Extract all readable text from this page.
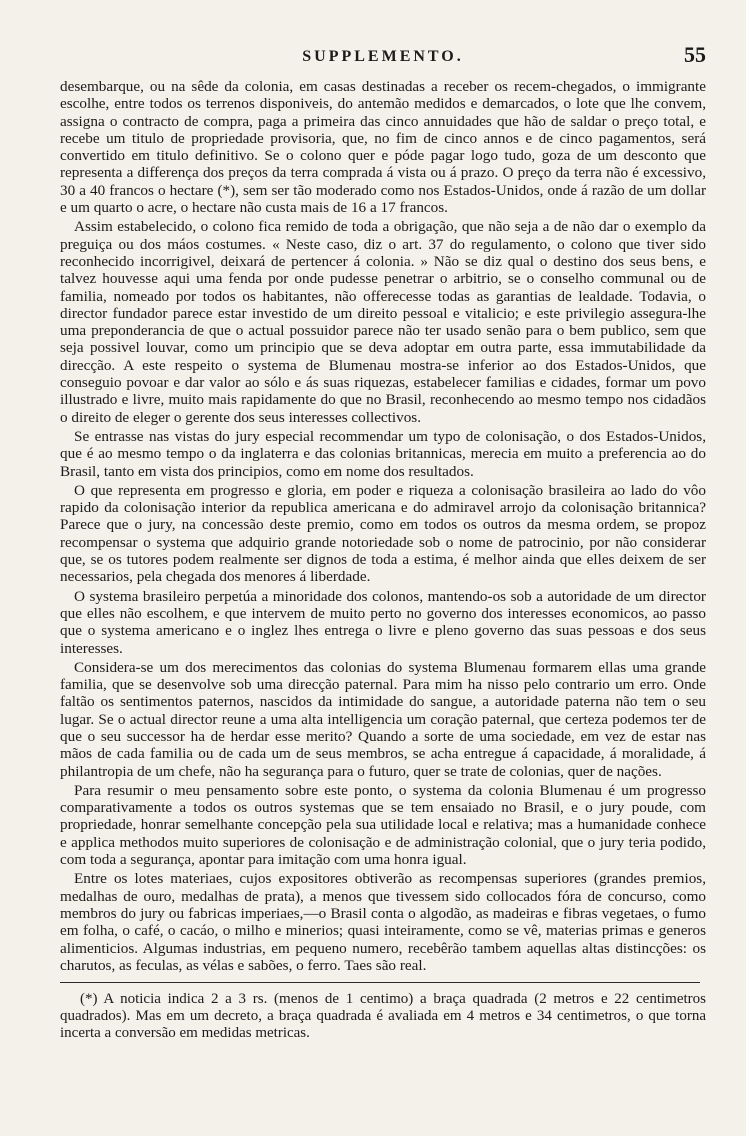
SUPPLEMENTO.	55

desembarque, ou na sêde da colonia, em casas destinadas a receber os recem-chegados, o immigrante escolhe, entre todos os terrenos disponiveis, do antemão medidos e demarcados, o lote que lhe convem, assigna o contracto de compra, paga a primeira das cinco annuidades que hão de saldar o preço total, e recebe um titulo de propriedade provisoria, que, no fim de cinco annos e de cinco pagamentos, será convertido em titulo definitivo. Se o colono quer e póde pagar logo tudo, goza de um desconto que representa a differença dos preços da terra comprada á vista ou á prazo. O preço da terra não é excessivo, 30 a 40 francos o hectare (*), sem ser tão moderado como nos Estados-Unidos, onde á razão de um dollar e um quarto o acre, o hectare não custa mais de 16 a 17 francos.

Assim estabelecido, o colono fica remido de toda a obrigação, que não seja a de não dar o exemplo da preguiça ou dos máos costumes. « Neste caso, diz o art. 37 do regulamento, o colono que tiver sido reconhecido incorrigivel, deixará de pertencer á colonia. » Não se diz qual o destino dos seus bens, e talvez houvesse aqui uma fenda por onde pudesse penetrar o arbitrio, se o conselho communal ou de familia, nomeado por todos os habitantes, não offerecesse todas as garantias de lealdade. Todavia, o director fundador parece estar investido de um direito pessoal e vitalicio; e este privilegio assegura-lhe uma preponderancia de que o actual possuidor parece não ter usado senão para o bem publico, sem que seja possivel louvar, como um principio que se deva adoptar em outra parte, essa immutabilidade da direcção. A este respeito o systema de Blumenau mostra-se inferior ao dos Estados-Unidos, que conseguio povoar e dar valor ao sólo e ás suas riquezas, estabelecer familias e cidades, formar um povo illustrado e livre, muito mais rapidamente do que no Brasil, reconhecendo ao mesmo tempo nos cidadãos o direito de eleger o gerente dos seus interesses collectivos.

Se entrasse nas vistas do jury especial recommendar um typo de colonisação, o dos Estados-Unidos, que é ao mesmo tempo o da inglaterra e das colonias britannicas, merecia em muito a preferencia ao do Brasil, tanto em vista dos principios, como em nome dos resultados.

O que representa em progresso e gloria, em poder e riqueza a colonisação brasileira ao lado do vôo rapido da colonisação interior da republica americana e do admiravel arrojo da colonisação britannica? Parece que o jury, na concessão deste premio, como em todos os outros da mesma ordem, se propoz recompensar o systema que adquirio grande notoriedade sob o nome de patrocinio, por não considerar que, se os tutores podem realmente ser dignos de toda a estima, é melhor ainda que elles deixem de ser necessarios, pela chegada dos menores á liberdade.

O systema brasileiro perpetúa a minoridade dos colonos, mantendo-os sob a autoridade de um director que elles não escolhem, e que intervem de muito perto no governo dos interesses economicos, ao passo que o systema americano e o inglez lhes entrega o livre e pleno governo das suas pessoas e dos seus interesses.

Considera-se um dos merecimentos das colonias do systema Blumenau formarem ellas uma grande familia, que se desenvolve sob uma direcção paternal. Para mim ha nisso pelo contrario um erro. Onde faltão os sentimentos paternos, nascidos da intimidade do sangue, a autoridade paterna não tem o seu lugar. Se o actual director reune a uma alta intelligencia um coração paternal, que certeza podemos ter de que o seu successor ha de herdar esse merito? Quando a sorte de uma sociedade, em vez de estar nas mãos de cada familia ou de cada um de seus membros, se acha entregue á capacidade, á moralidade, á philantropia de um chefe, não ha segurança para o futuro, quer se trate de colonias, quer de nações.

Para resumir o meu pensamento sobre este ponto, o systema da colonia Blumenau é um progresso comparativamente a todos os outros systemas que se tem ensaiado no Brasil, e o jury poude, com propriedade, honrar semelhante concepção pela sua utilidade local e relativa; mas a humanidade conhece e applica methodos muito superiores de colonisação e de administração colonial, que o jury teria podido, com toda a segurança, apontar para imitação com uma honra igual.

Entre os lotes materiaes, cujos expositores obtiverão as recompensas superiores (grandes premios, medalhas de ouro, medalhas de prata), a menos que tivessem sido collocados fóra de concurso, como membros do jury ou fabricas imperiaes,—o Brasil conta o algodão, as madeiras e fibras vegetaes, o fumo em folha, o café, o cacáo, o milho e minerios; quasi inteiramente, como se vê, materias primas e generos alimenticios. Algumas industrias, em pequeno numero, recebêrão tambem aquellas altas distincções: os charutos, as feculas, as vélas e sabões, o ferro. Taes são real.

(*) A noticia indica 2 a 3 rs. (menos de 1 centimo) a braça quadrada (2 metros e 22 centimetros quadrados). Mas em um decreto, a braça quadrada é avaliada em 4 metros e 34 centimetros, o que torna incerta a conversão em medidas metricas.
